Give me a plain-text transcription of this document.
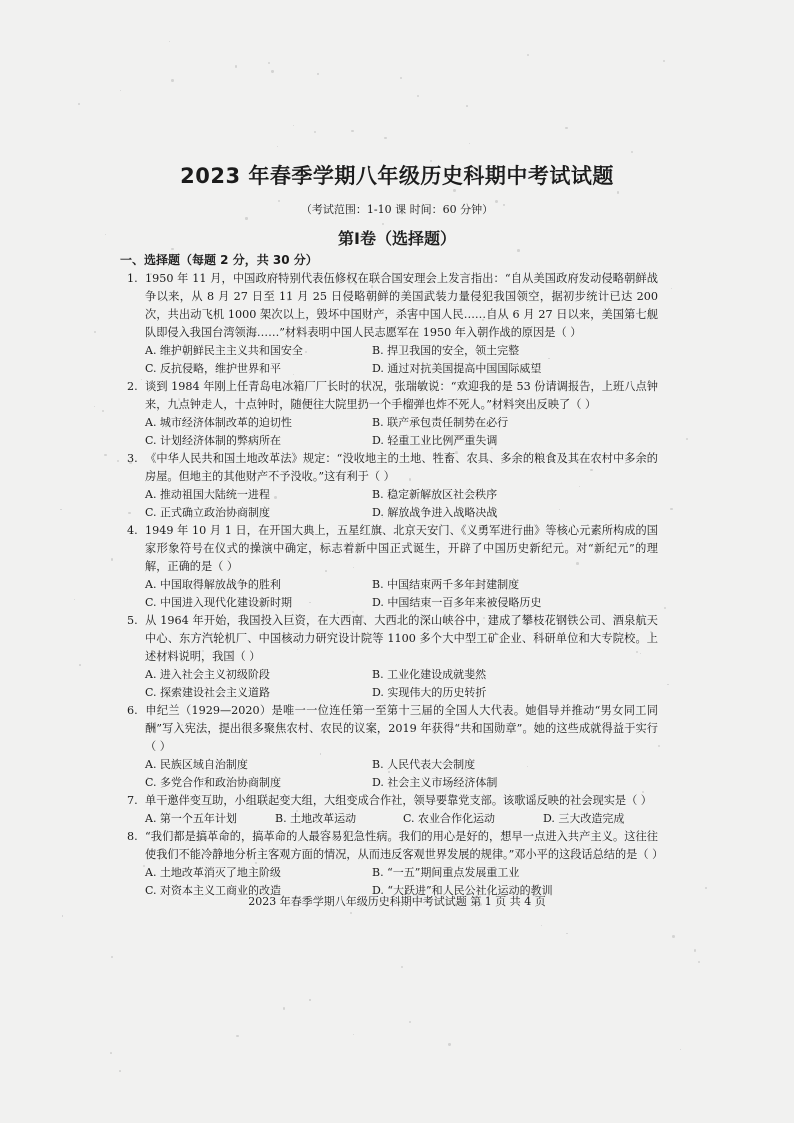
2023 年春季学期八年级历史科期中考试试题
（考试范围：1-10 课 时间：60 分钟）
第Ⅰ卷（选择题）
一、选择题（每题 2 分，共 30 分）
1. 1950 年 11 月，中国政府特别代表伍修权在联合国安理会上发言指出：“自从美国政府发动侵略朝鲜战争以来，从 8 月 27 日至 11 月 25 日侵略朝鲜的美国武装力量侵犯我国领空，据初步统计已达 200 次，共出动飞机 1000 架次以上，毁坏中国财产，杀害中国人民……自从 6 月 27 日以来，美国第七舰队即侵入我国台湾领海……”材料表明中国人民志愿军在 1950 年入朝作战的原因是（ ）
A. 维护朝鲜民主主义共和国安全	B. 捍卫我国的安全，领土完整
C. 反抗侵略，维护世界和平	D. 通过对抗美国提高中国国际威望
2. 谈到 1984 年刚上任青岛电冰箱厂厂长时的状况，张瑞敏说：“欢迎我的是 53 份请调报告，上班八点钟来，九点钟走人，十点钟时，随便往大院里扔一个手榴弹也炸不死人。”材料突出反映了（ ）
A. 城市经济体制改革的迫切性	B. 联产承包责任制势在必行
C. 计划经济体制的弊病所在	D. 轻重工业比例严重失调
3. 《中华人民共和国土地改革法》规定：“没收地主的土地、牲畜、农具、多余的粮食及其在农村中多余的房屋。但地主的其他财产不予没收。”这有利于（ ）
A. 推动祖国大陆统一进程	B. 稳定新解放区社会秩序
C. 正式确立政治协商制度	D. 解放战争进入战略决战
4. 1949 年 10 月 1 日，在开国大典上，五星红旗、北京天安门、《义勇军进行曲》等核心元素所构成的国家形象符号在仪式的操演中确定，标志着新中国正式诞生，开辟了中国历史新纪元。对“新纪元”的理解，正确的是（ ）
A. 中国取得解放战争的胜利	B. 中国结束两千多年封建制度
C. 中国进入现代化建设新时期	D. 中国结束一百多年来被侵略历史
5. 从 1964 年开始，我国投入巨资，在大西南、大西北的深山峡谷中，建成了攀枝花钢铁公司、酒泉航天中心、东方汽轮机厂、中国核动力研究设计院等 1100 多个大中型工矿企业、科研单位和大专院校。上述材料说明，我国（ ）
A. 进入社会主义初级阶段	B. 工业化建设成就斐然
C. 探索建设社会主义道路	D. 实现伟大的历史转折
6. 申纪兰（1929—2020）是唯一一位连任第一至第十三届的全国人大代表。她倡导并推动“男女同工同酬”写入宪法，提出很多聚焦农村、农民的议案，2019 年获得“共和国勋章”。她的这些成就得益于实行（ ）
A. 民族区域自治制度	B. 人民代表大会制度
C. 多党合作和政治协商制度	D. 社会主义市场经济体制
7. 单干邀伴变互助，小组联起变大组，大组变成合作社，领导要靠党支部。该歌谣反映的社会现实是（ ）
A. 第一个五年计划	B. 土地改革运动	C. 农业合作化运动	D. 三大改造完成
8. “我们都是搞革命的，搞革命的人最容易犯急性病。我们的用心是好的，想早一点进入共产主义。这往往使我们不能冷静地分析主客观方面的情况，从而违反客观世界发展的规律。”邓小平的这段话总结的是（ ）
A. 土地改革消灭了地主阶级	B. “一五”期间重点发展重工业
C. 对资本主义工商业的改造	D. “大跃进”和人民公社化运动的教训
2023 年春季学期八年级历史科期中考试试题 第 1 页 共 4 页
